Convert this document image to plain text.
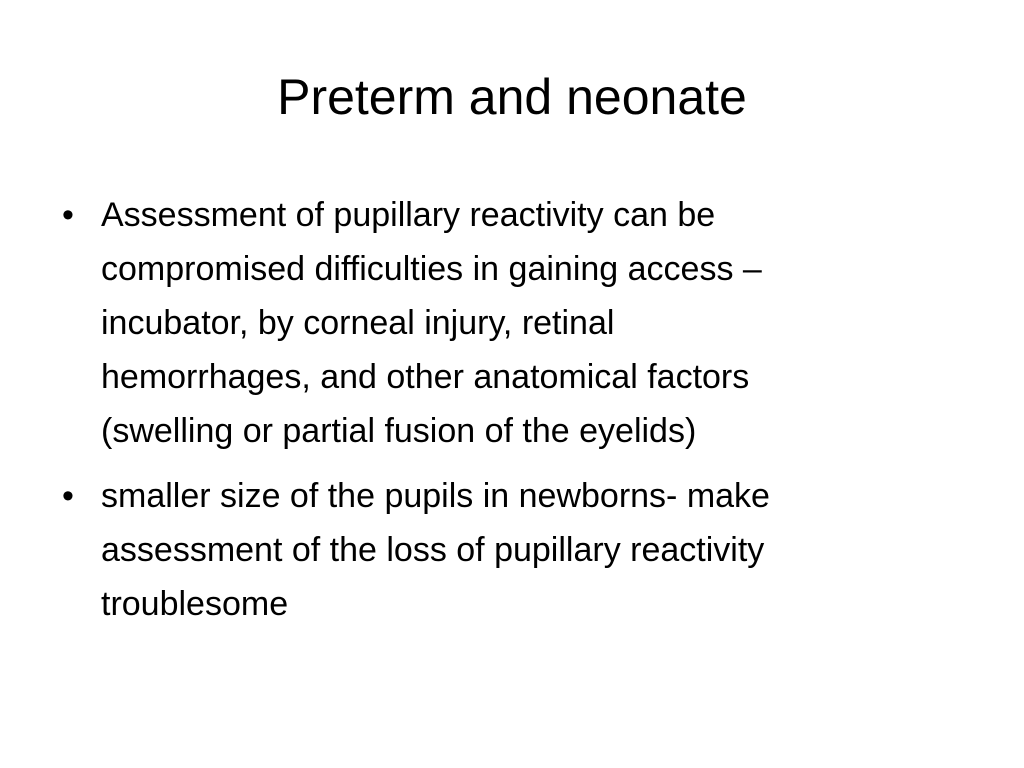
Preterm and neonate
• Assessment of pupillary reactivity can be
compromised difficulties in gaining access –
incubator, by corneal injury, retinal
hemorrhages, and other anatomical factors
(swelling or partial fusion of the eyelids)
• smaller size of the pupils in newborns- make
assessment of the loss of pupillary reactivity
troublesome
